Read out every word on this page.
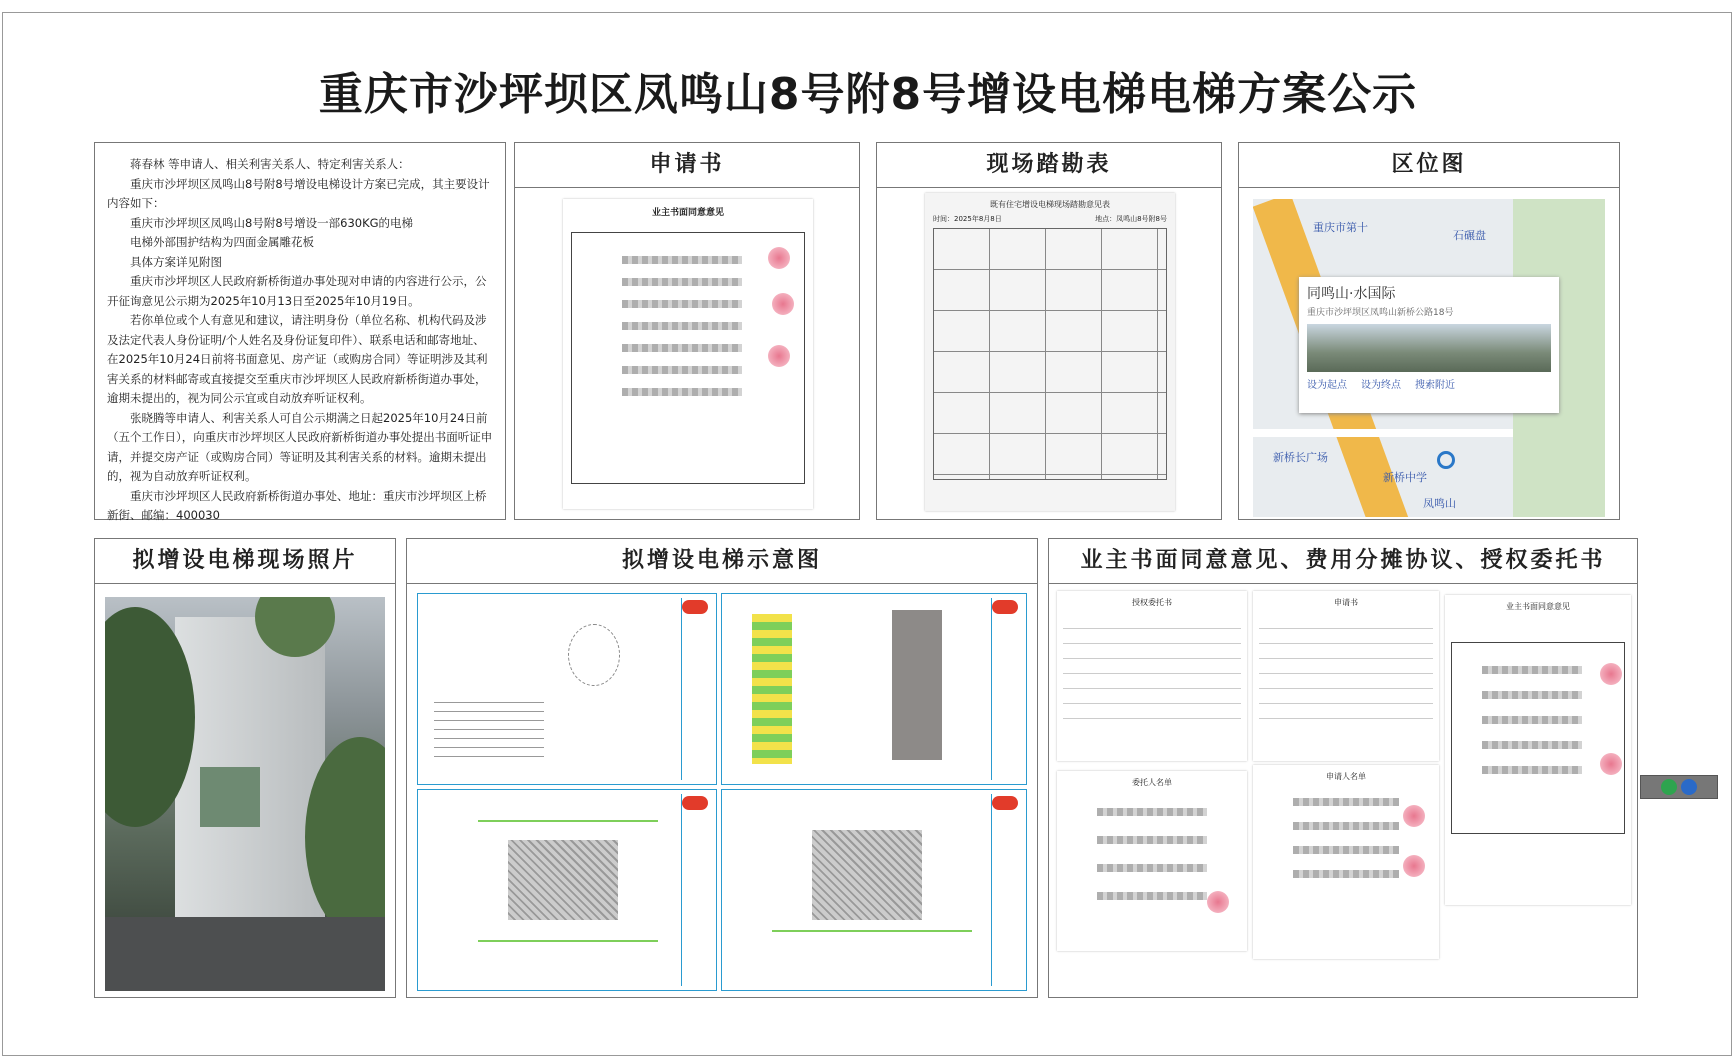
重庆市沙坪坝区凤鸣山8号附8号增设电梯电梯方案公示

蒋春林 等申请人、相关利害关系人、特定利害关系人：

重庆市沙坪坝区凤鸣山8号附8号增设电梯设计方案已完成，其主要设计内容如下：

重庆市沙坪坝区凤鸣山8号附8号增设一部630KG的电梯

电梯外部围护结构为四面金属雕花板

具体方案详见附图

重庆市沙坪坝区人民政府新桥街道办事处现对申请的内容进行公示，公开征询意见公示期为2025年10月13日至2025年10月19日。

若你单位或个人有意见和建议，请注明身份（单位名称、机构代码及涉及法定代表人身份证明/个人姓名及身份证复印件）、联系电话和邮寄地址、在2025年10月24日前将书面意见、房产证（或购房合同）等证明涉及其利害关系的材料邮寄或直接提交至重庆市沙坪坝区人民政府新桥街道办事处，逾期未提出的，视为同公示宜或自动放弃听证权利。

张晓腾等申请人、利害关系人可自公示期满之日起2025年10月24日前（五个工作日），向重庆市沙坪坝区人民政府新桥街道办事处提出书面听证申请，并提交房产证（或购房合同）等证明及其利害关系的材料。逾期未提出的，视为自动放弃听证权利。

重庆市沙坪坝区人民政府新桥街道办事处、地址：重庆市沙坪坝区上桥新街、邮编：400030

申请书
业主书面同意意见
现场踏勘表
既有住宅增设电梯现场踏勘意见表
时间：2025年8月8日	地点：凤鸣山8号附8号
区位图
重庆市第十
石碾盘
新桥中学
新桥长广场
凤鸣山
同鸣山·水国际
重庆市沙坪坝区凤鸣山新桥公路18号
设为起点 设为终点 搜索附近
拟增设电梯现场照片	拟增设电梯示意图	业主书面同意意见、费用分摊协议、授权委托书
授权委托书
委托人名单
申请书
申请人名单
业主书面同意意见
